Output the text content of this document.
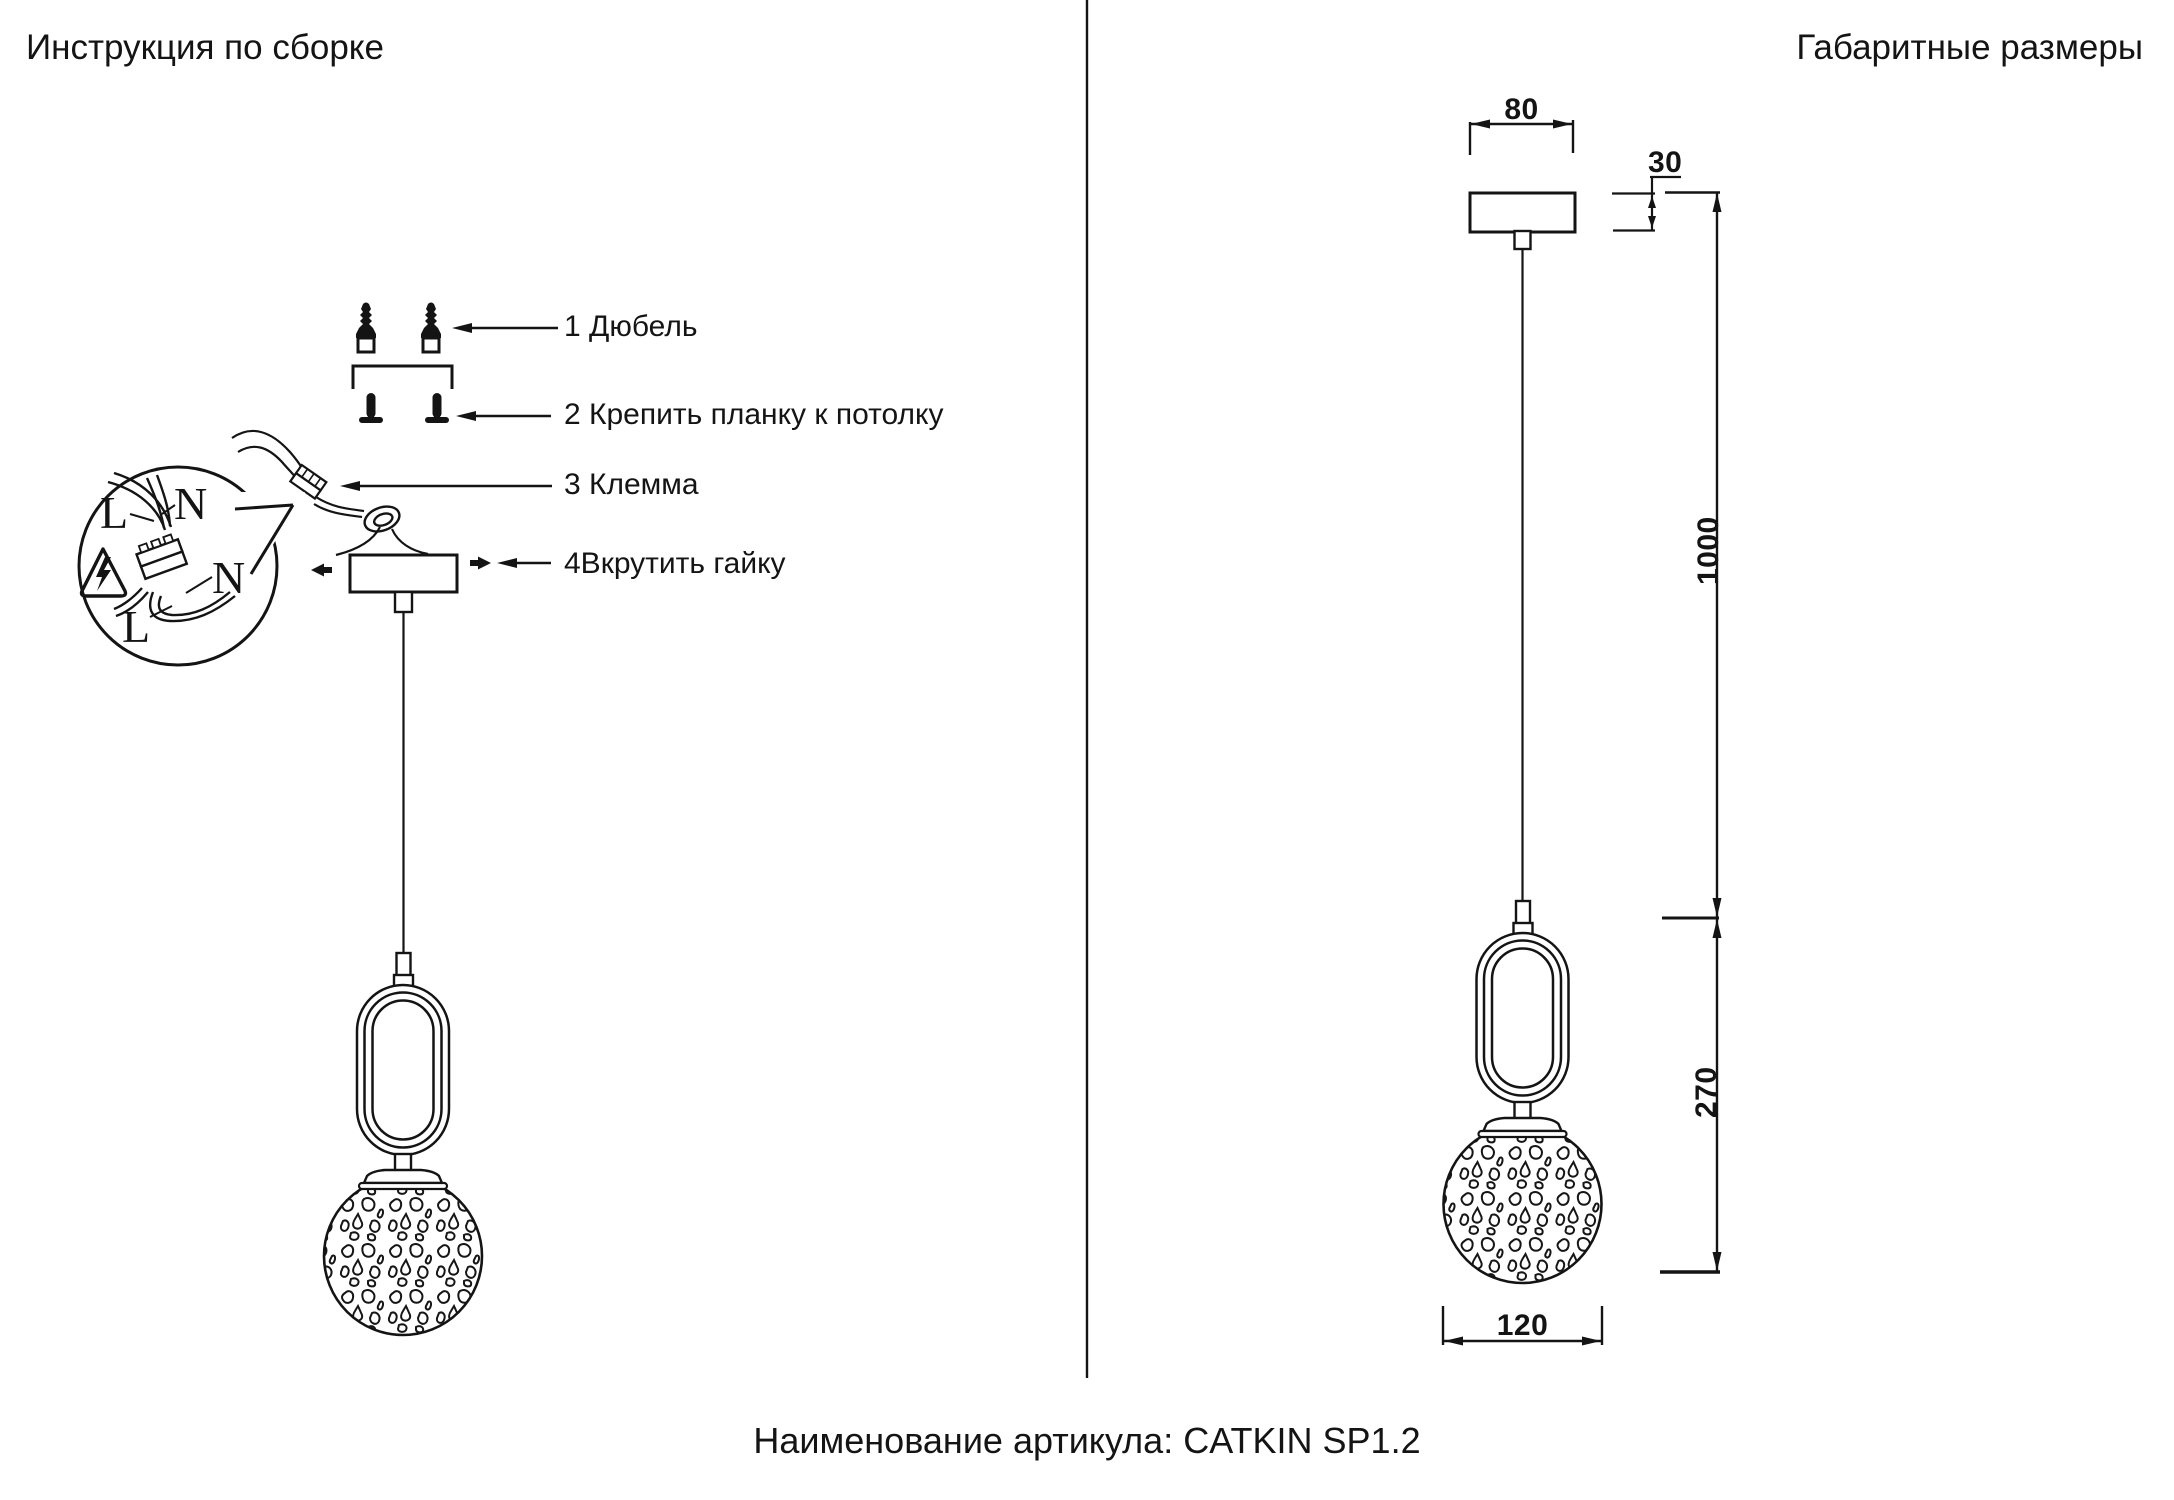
Инструкция по сборке	Габаритные размеры
1 Дюбель
2 Крепить планку к потолку
3 Клемма
4Вкрутить гайку
L N
N
L
80
30
1000
270
120
Наименование артикула: CATKIN SP1.2
